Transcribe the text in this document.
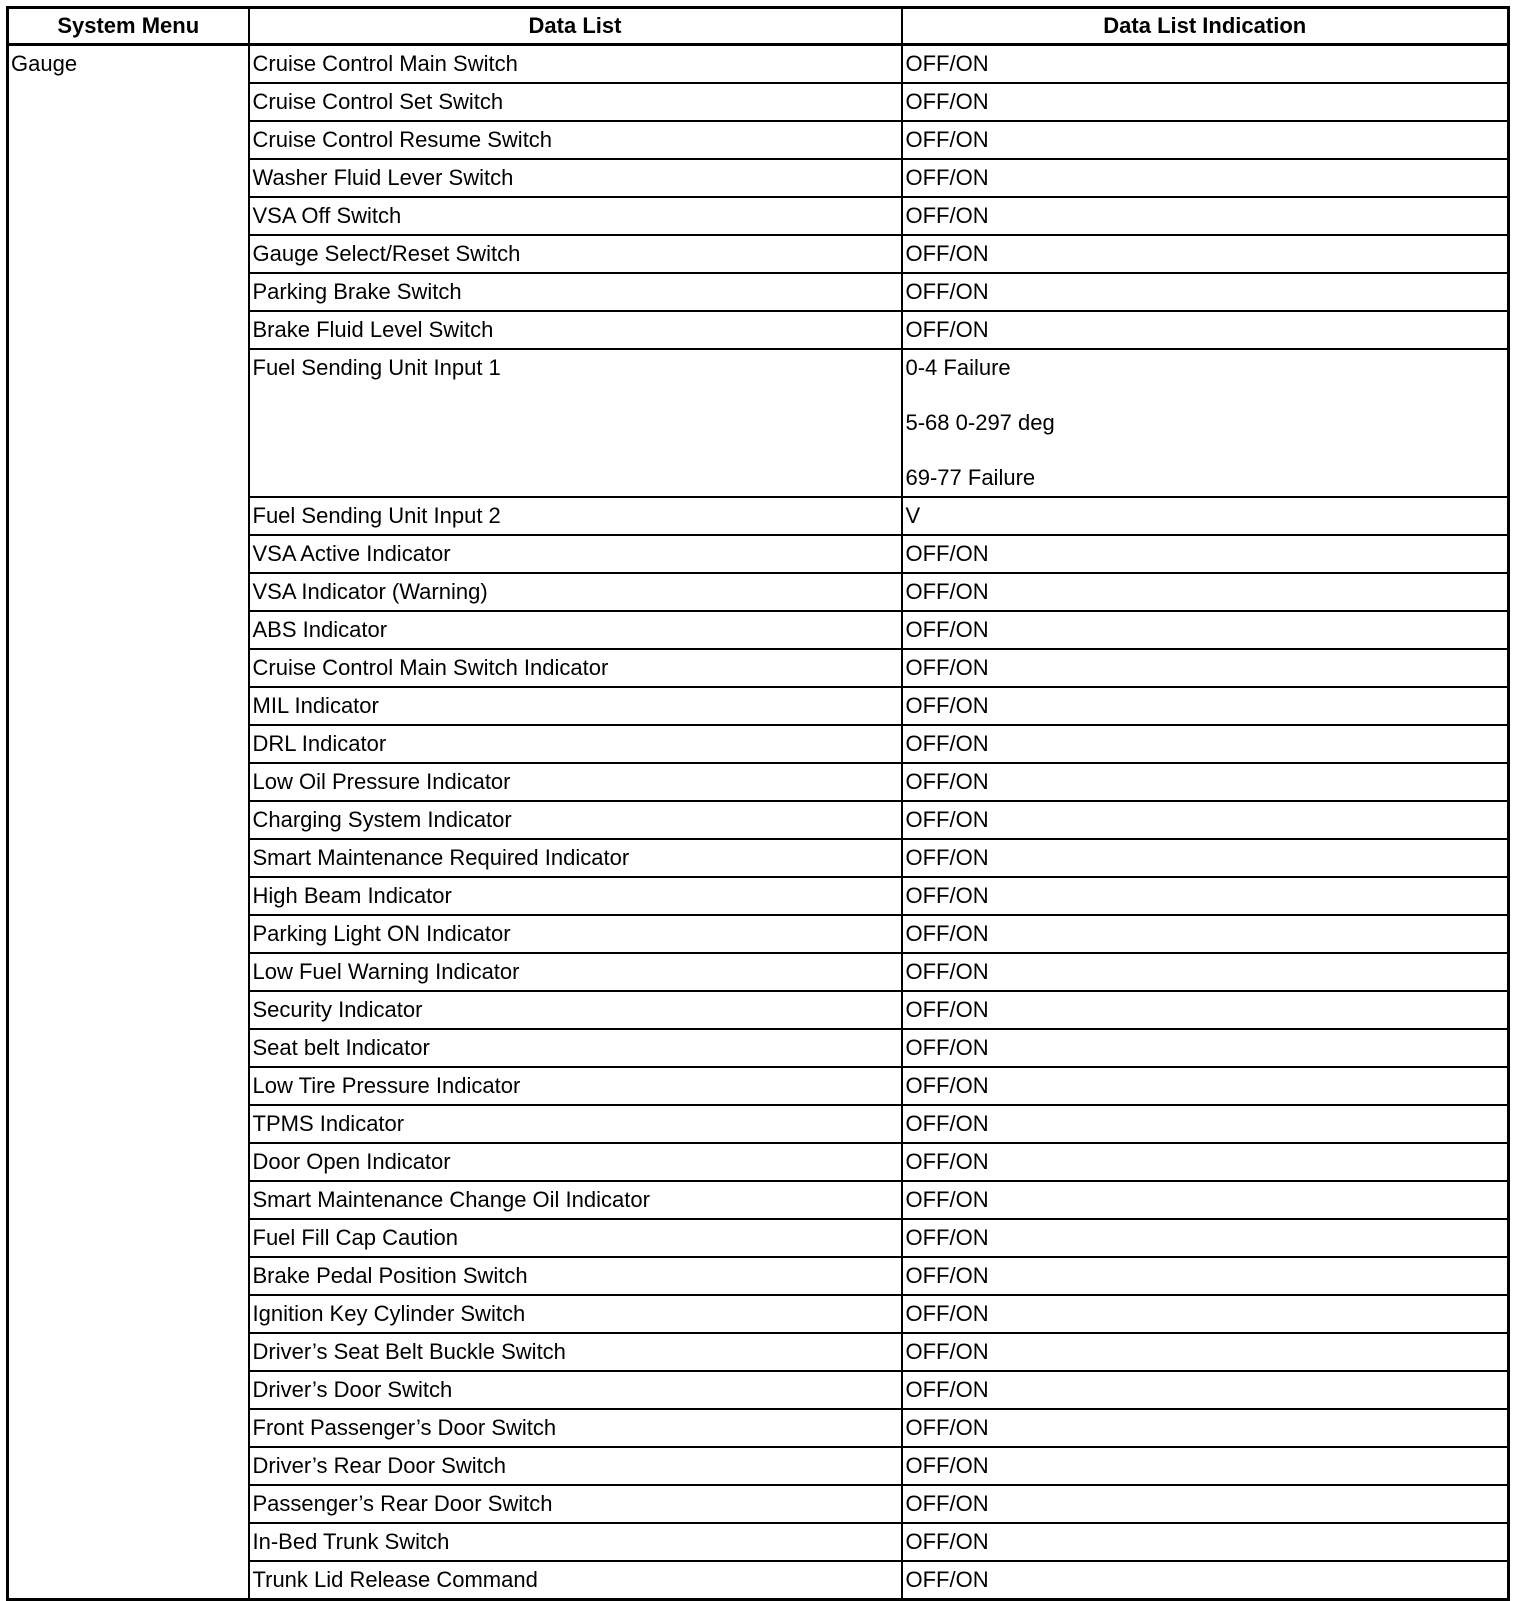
System Menu	Data List	Data List Indication
Gauge	Cruise Control Main Switch	OFF/ON
	Cruise Control Set Switch	OFF/ON
	Cruise Control Resume Switch	OFF/ON
	Washer Fluid Lever Switch	OFF/ON
	VSA Off Switch	OFF/ON
	Gauge Select/Reset Switch	OFF/ON
	Parking Brake Switch	OFF/ON
	Brake Fluid Level Switch	OFF/ON
	Fuel Sending Unit Input 1	0-4 Failure
5-68 0-297 deg
69-77 Failure

	Fuel Sending Unit Input 2	V
	VSA Active Indicator	OFF/ON
	VSA Indicator (Warning)	OFF/ON
	ABS Indicator	OFF/ON
	Cruise Control Main Switch Indicator	OFF/ON
	MIL Indicator	OFF/ON
	DRL Indicator	OFF/ON
	Low Oil Pressure Indicator	OFF/ON
	Charging System Indicator	OFF/ON
	Smart Maintenance Required Indicator	OFF/ON
	High Beam Indicator	OFF/ON
	Parking Light ON Indicator	OFF/ON
	Low Fuel Warning Indicator	OFF/ON
	Security Indicator	OFF/ON
	Seat belt Indicator	OFF/ON
	Low Tire Pressure Indicator	OFF/ON
	TPMS Indicator	OFF/ON
	Door Open Indicator	OFF/ON
	Smart Maintenance Change Oil Indicator	OFF/ON
	Fuel Fill Cap Caution	OFF/ON
	Brake Pedal Position Switch	OFF/ON
	Ignition Key Cylinder Switch	OFF/ON
	Driver’s Seat Belt Buckle Switch	OFF/ON
	Driver’s Door Switch	OFF/ON
	Front Passenger’s Door Switch	OFF/ON
	Driver’s Rear Door Switch	OFF/ON
	Passenger’s Rear Door Switch	OFF/ON
	In-Bed Trunk Switch	OFF/ON
	Trunk Lid Release Command	OFF/ON
